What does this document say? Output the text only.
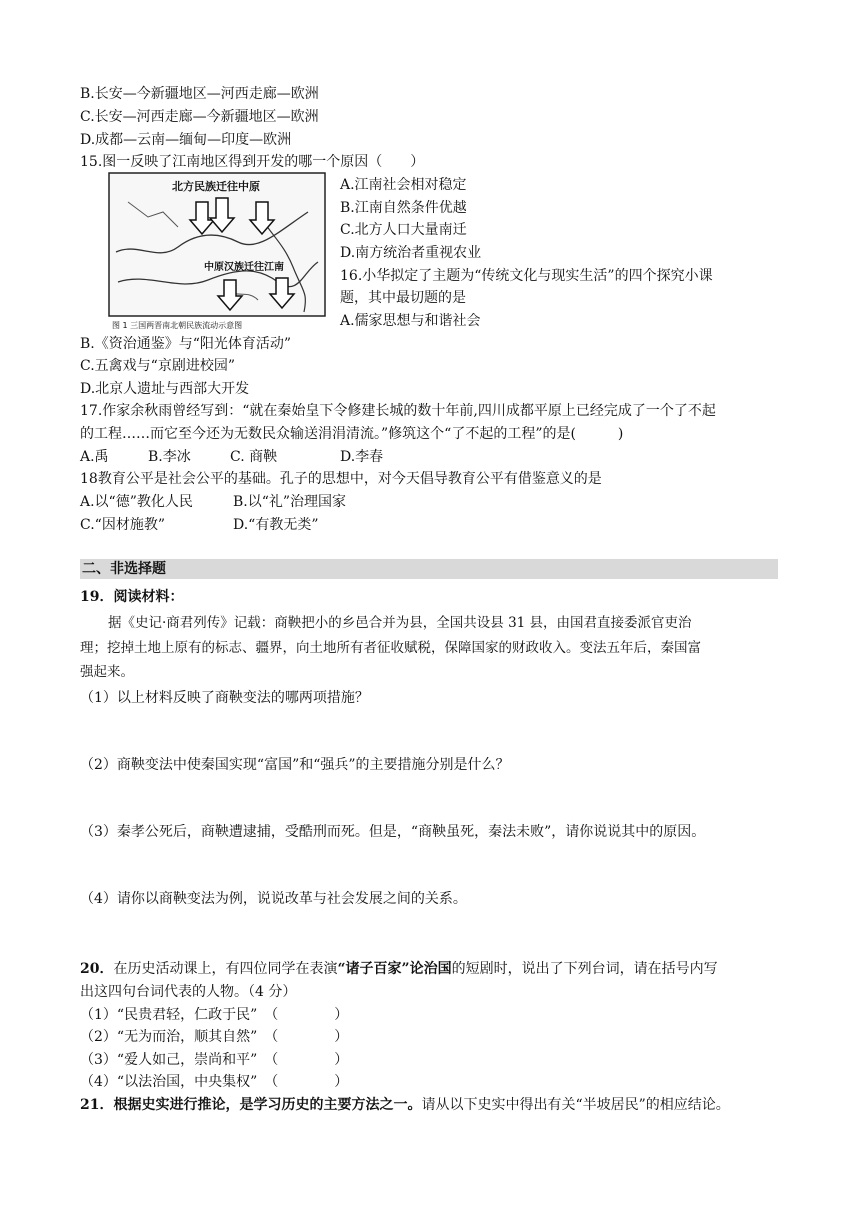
B.长安—今新疆地区—河西走廊—欧洲
C.长安—河西走廊—今新疆地区—欧洲
D.成都—云南—缅甸—印度—欧洲
15.图一反映了江南地区得到开发的哪一个原因（　　）
北方民族迁往中原
中原汉族迁往江南
图 1 三国两晋南北朝民族流动示意图
A.江南社会相对稳定
B.江南自然条件优越
C.北方人口大量南迁
D.南方统治者重视农业
16.小华拟定了主题为“传统文化与现实生活”的四个探究小课
题，其中最切题的是
A.儒家思想与和谐社会
B.《资治通鉴》与“阳光体育活动”
C.五禽戏与“京剧进校园”
D.北京人遗址与西部大开发
17.作家余秋雨曾经写到：“就在秦始皇下令修建长城的数十年前,四川成都平原上已经完成了一个了不起
的工程……而它至今还为无数民众输送涓涓清流。”修筑这个“了不起的工程”的是(　　　)
A.禹	B.李冰	C. 商鞅	D.李春
18教育公平是社会公平的基础。孔子的思想中，对今天倡导教育公平有借鉴意义的是
A.以“德”教化人民	B.以“礼”治理国家
C.“因材施教”	D.“有教无类”
二、非选择题
19．阅读材料：
据《史记·商君列传》记载：商鞅把小的乡邑合并为县，全国共设县 31 县，由国君直接委派官吏治
理；挖掉土地上原有的标志、疆界，向土地所有者征收赋税，保障国家的财政收入。变法五年后，秦国富
强起来。
（1）以上材料反映了商鞅变法的哪两项措施？
（2）商鞅变法中使秦国实现“富国”和“强兵”的主要措施分别是什么？
（3）秦孝公死后，商鞅遭逮捕，受酷刑而死。但是，“商鞅虽死，秦法未败”，请你说说其中的原因。
（4）请你以商鞅变法为例，说说改革与社会发展之间的关系。
20．在历史活动课上，有四位同学在表演“诸子百家”论治国的短剧时，说出了下列台词，请在括号内写
出这四句台词代表的人物。（4 分）
（1）“民贵君轻，仁政于民”　（　　　　）
（2）“无为而治，顺其自然”　（　　　　）
（3）“爱人如己，崇尚和平”　（　　　　）
（4）“以法治国，中央集权”　（　　　　）
21．根据史实进行推论，是学习历史的主要方法之一。请从以下史实中得出有关“半坡居民”的相应结论。
